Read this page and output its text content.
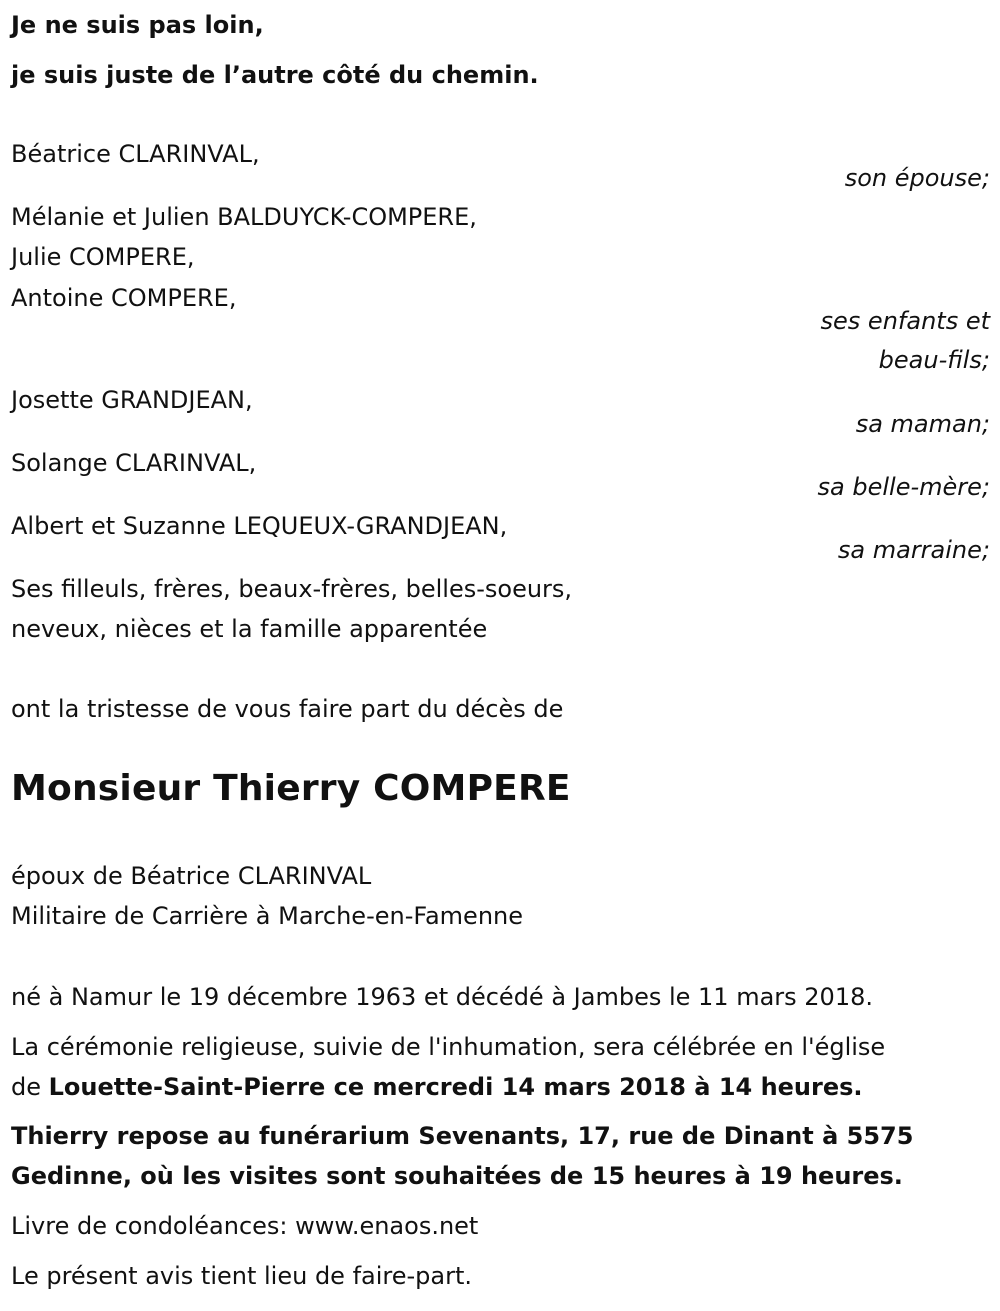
Je ne suis pas loin,
je suis juste de l’autre côté du chemin.
Béatrice CLARINVAL,
son épouse;
Mélanie et Julien BALDUYCK-COMPERE,
Julie COMPERE,
Antoine COMPERE,
ses enfants et
beau-fils;
Josette GRANDJEAN,
sa maman;
Solange CLARINVAL,
sa belle-mère;
Albert et Suzanne LEQUEUX-GRANDJEAN,
sa marraine;
Ses filleuls, frères, beaux-frères, belles-soeurs,
neveux, nièces et la famille apparentée
ont la tristesse de vous faire part du décès de
Monsieur Thierry COMPERE
époux de Béatrice CLARINVAL
Militaire de Carrière à Marche-en-Famenne
né à Namur le 19 décembre 1963 et décédé à Jambes le 11 mars 2018.
La cérémonie religieuse, suivie de l'inhumation, sera célébrée en l'église
de Louette-Saint-Pierre ce mercredi 14 mars 2018 à 14 heures.
Thierry repose au funérarium Sevenants, 17, rue de Dinant à 5575
Gedinne, où les visites sont souhaitées de 15 heures à 19 heures.
Livre de condoléances: www.enaos.net
Le présent avis tient lieu de faire-part.
